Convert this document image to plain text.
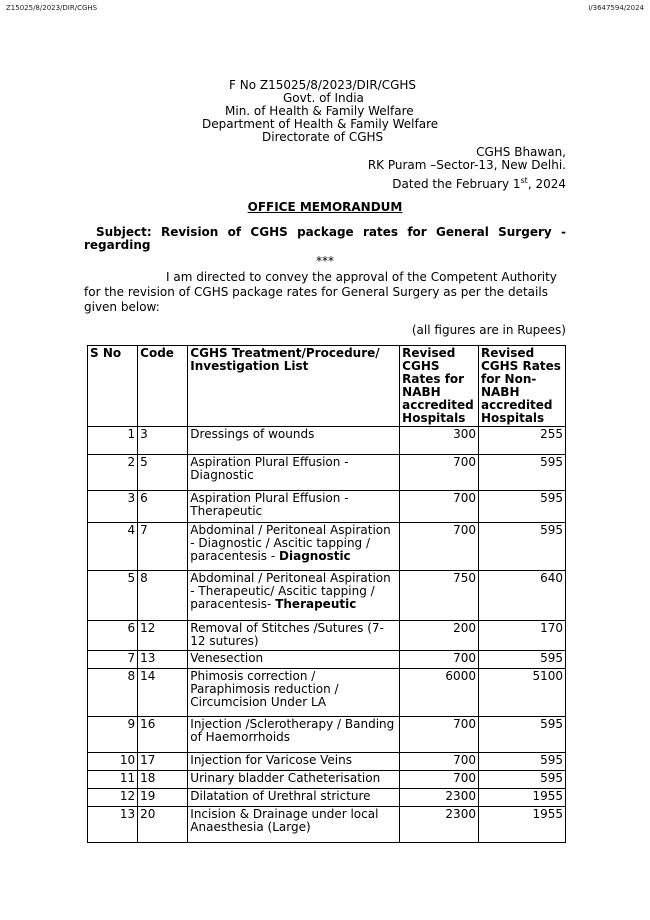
Z15025/8/2023/DIR/CGHS	I/3647594/2024
F No Z15025/8/2023/DIR/CGHS
Govt. of India
Min. of Health & Family Welfare
Department of Health & Family Welfare
Directorate of CGHS
CGHS Bhawan,
RK Puram –Sector-13, New Delhi.
Dated the February 1st, 2024
OFFICE MEMORANDUM
Subject: Revision of CGHS package rates for General Surgery -
regarding
***
I am directed to convey the approval of the Competent Authority
for the revision of CGHS package rates for General Surgery as per the details
given below:
(all figures are in Rupees)
S No	Code	CGHS Treatment/Procedure/ Investigation List	Revised CGHS Rates for NABH accredited Hospitals	Revised CGHS Rates for Non-NABH accredited Hospitals
1	3	Dressings of wounds	300	255
2	5	Aspiration Plural Effusion - Diagnostic	700	595
3	6	Aspiration Plural Effusion - Therapeutic	700	595
4	7	Abdominal / Peritoneal Aspiration - Diagnostic / Ascitic tapping / paracentesis - Diagnostic	700	595
5	8	Abdominal / Peritoneal Aspiration - Therapeutic/ Ascitic tapping / paracentesis- Therapeutic	750	640
6	12	Removal of Stitches /Sutures (7-12 sutures)	200	170
7	13	Venesection	700	595
8	14	Phimosis correction / Paraphimosis reduction / Circumcision Under LA	6000	5100
9	16	Injection /Sclerotherapy / Banding of Haemorrhoids	700	595
10	17	Injection for Varicose Veins	700	595
11	18	Urinary bladder Catheterisation	700	595
12	19	Dilatation of Urethral stricture	2300	1955
13	20	Incision & Drainage under local Anaesthesia (Large)	2300	1955
